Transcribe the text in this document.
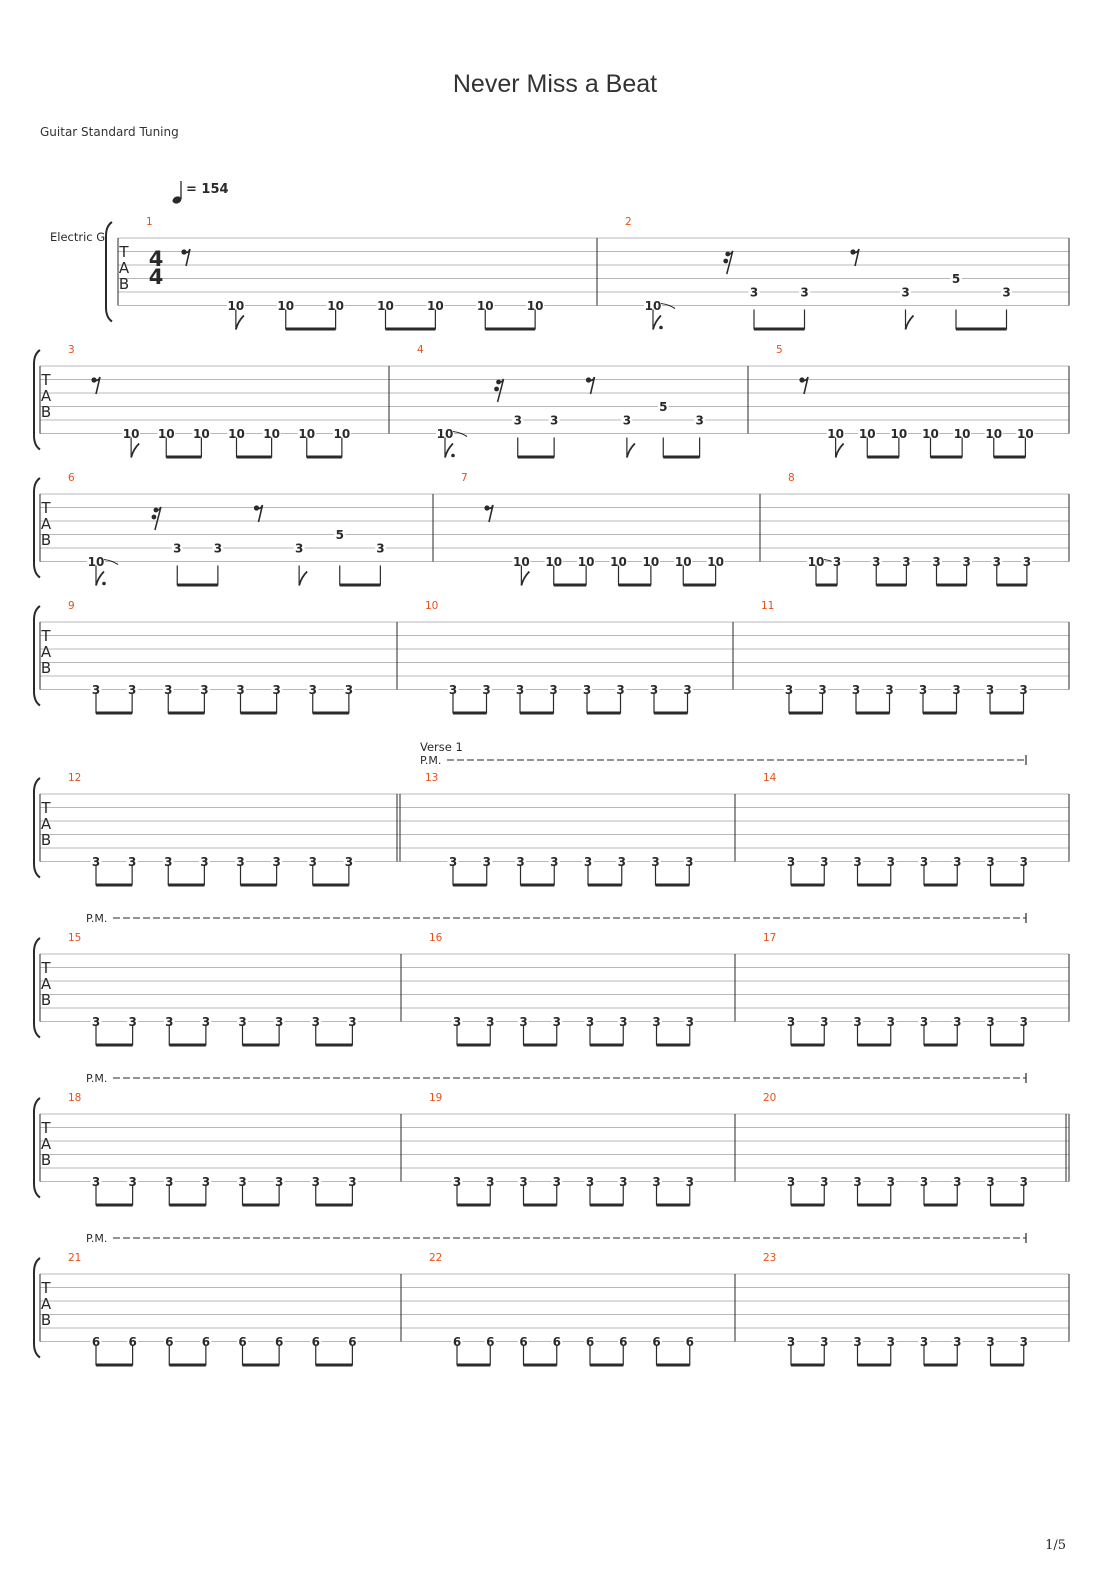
Never Miss a Beat
Guitar Standard Tuning
T
A
B
1
10	10	10	10	10	10	10
2
10
3	3	3
5
3
T
A
B
3
10 10 10 10 10 10 10
4
10
3 3	3
5
3
5
10 10 10 10 10 10 10
T
A
B
6
10
3	3	3
5
3
7
10 10 10 10 10 10 10
8
10 3	3 3 3 3 3 3
T
A
B
9
3 3 3 3 3 3 3 3
10
3 3 3 3 3 3 3 3
11
3 3 3 3 3 3 3 3
T
A
B
12
3 3 3 3 3 3 3 3
13
3 3 3 3 3 3 3 3
14
3 3 3 3 3 3 3 3
P.M.
Verse 1
T
A
B
15
3 3 3 3 3 3 3 3
16
3 3 3 3 3 3 3 3
17
3 3 3 3 3 3 3 3
P.M.
T
A
B
18
3 3 3 3 3 3 3 3
19
3 3 3 3 3 3 3 3
20
3 3 3 3 3 3 3 3
P.M.
T
A
B
21
6 6 6 6 6 6 6 6
22
6 6 6 6 6 6 6 6
23
3 3 3 3 3 3 3 3
P.M.
Electric G
4
4
= 154
1/5
